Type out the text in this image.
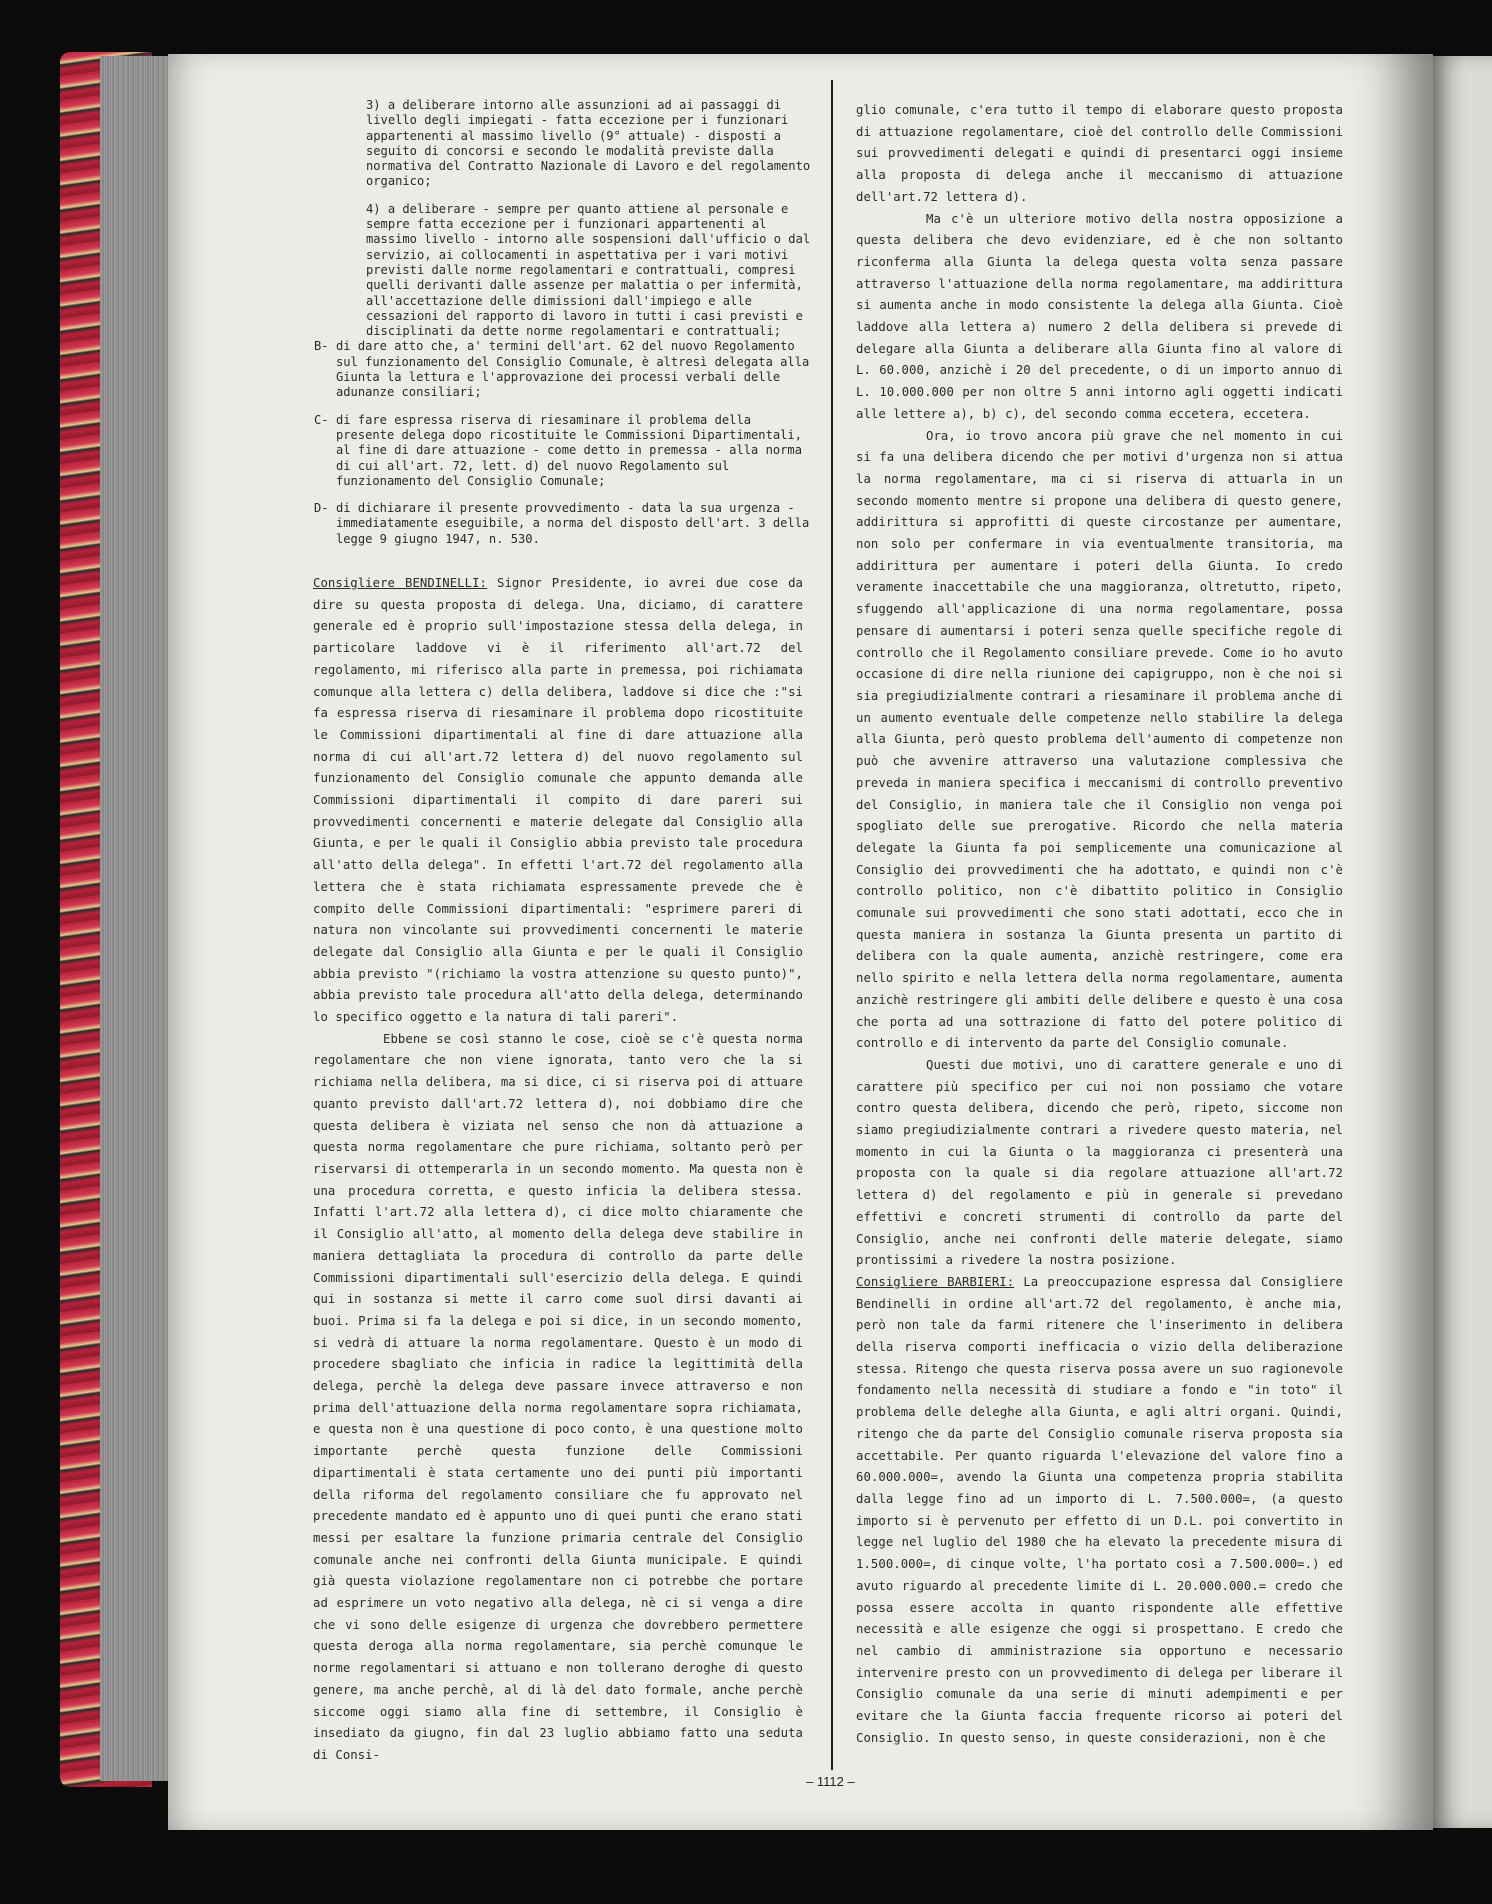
3) a deliberare intorno alle assunzioni ad ai passaggi di livello degli impiegati - fatta eccezione per i funzionari appartenenti al massimo livello (9° attuale) - disposti a seguito di concorsi e secondo le modalità previste dalla normativa del Contratto Nazionale di Lavoro e del regolamento organico;

4) a deliberare - sempre per quanto attiene al personale e sempre fatta eccezione per i funzionari appartenenti al massimo livello - intorno alle sospensioni dall'ufficio o dal servizio, ai collocamenti in aspettativa per i vari motivi previsti dalle norme regolamentari e contrattuali, compresi quelli derivanti dalle assenze per malattia o per infermità, all'accettazione delle dimissioni dall'impiego e alle cessazioni del rapporto di lavoro in tutti i casi previsti e disciplinati da dette norme regolamentari e contrattuali;

B- di dare atto che, a' termini dell'art. 62 del nuovo Regolamento sul funzionamento del Consiglio Comunale, è altresì delegata alla Giunta la lettura e l'approvazione dei processi verbali delle adunanze consiliari;

C- di fare espressa riserva di riesaminare il problema della presente delega dopo ricostituite le Commissioni Dipartimentali, al fine di dare attuazione - come detto in premessa - alla norma di cui all'art. 72, lett. d) del nuovo Regolamento sul funzionamento del Consiglio Comunale;

D- di dichiarare il presente provvedimento - data la sua urgenza - immediatamente eseguibile, a norma del disposto dell'art. 3 della legge 9 giugno 1947, n. 530.

Consigliere BENDINELLI: Signor Presidente, io avrei due cose da dire su questa proposta di delega. Una, diciamo, di carattere generale ed è proprio sull'impostazione stessa della delega, in particolare laddove vi è il riferimento all'art.72 del regolamento, mi riferisco alla parte in premessa, poi richiamata comunque alla lettera c) della delibera, laddove si dice che :"si fa espressa riserva di riesaminare il problema dopo ricostituite le Commissioni dipartimentali al fine di dare attuazione alla norma di cui all'art.72 lettera d) del nuovo regolamento sul funzionamento del Consiglio comunale che appunto demanda alle Commissioni dipartimentali il compito di dare pareri sui provvedimenti concernenti e materie delegate dal Consiglio alla Giunta, e per le quali il Consiglio abbia previsto tale procedura all'atto della delega". In effetti l'art.72 del regolamento alla lettera che è stata richiamata espressamente prevede che è compito delle Commissioni dipartimentali: "esprimere pareri di natura non vincolante sui provvedimenti concernenti le materie delegate dal Consiglio alla Giunta e per le quali il Consiglio abbia previsto "(richiamo la vostra attenzione su questo punto)", abbia previsto tale procedura all'atto della delega, determinando lo specifico oggetto e la natura di tali pareri".

Ebbene se così stanno le cose, cioè se c'è questa norma regolamentare che non viene ignorata, tanto vero che la si richiama nella delibera, ma si dice, ci si riserva poi di attuare quanto previsto dall'art.72 lettera d), noi dobbiamo dire che questa delibera è viziata nel senso che non dà attuazione a questa norma regolamentare che pure richiama, soltanto però per riservarsi di ottemperarla in un secondo momento. Ma questa non è una procedura corretta, e questo inficia la delibera stessa. Infatti l'art.72 alla lettera d), ci dice molto chiaramente che il Consiglio all'atto, al momento della delega deve stabilire in maniera dettagliata la procedura di controllo da parte delle Commissioni dipartimentali sull'esercizio della delega. E quindi qui in sostanza si mette il carro come suol dirsi davanti ai buoi. Prima si fa la delega e poi si dice, in un secondo momento, si vedrà di attuare la norma regolamentare. Questo è un modo di procedere sbagliato che inficia in radice la legittimità della delega, perchè la delega deve passare invece attraverso e non prima dell'attuazione della norma regolamentare sopra richiamata, e questa non è una questione di poco conto, è una questione molto importante perchè questa funzione delle Commissioni dipartimentali è stata certamente uno dei punti più importanti della riforma del regolamento consiliare che fu approvato nel precedente mandato ed è appunto uno di quei punti che erano stati messi per esaltare la funzione primaria centrale del Consiglio comunale anche nei confronti della Giunta municipale. E quindi già questa violazione regolamentare non ci potrebbe che portare ad esprimere un voto negativo alla delega, nè ci si venga a dire che vi sono delle esigenze di urgenza che dovrebbero permettere questa deroga alla norma regolamentare, sia perchè comunque le norme regolamentari si attuano e non tollerano deroghe di questo genere, ma anche perchè, al di là del dato formale, anche perchè siccome oggi siamo alla fine di settembre, il Consiglio è insediato da giugno, fin dal 23 luglio abbiamo fatto una seduta di Consi-

glio comunale, c'era tutto il tempo di elaborare questo proposta di attuazione regolamentare, cioè del controllo delle Commissioni sui provvedimenti delegati e quindi di presentarci oggi insieme alla proposta di delega anche il meccanismo di attuazione dell'art.72 lettera d).

Ma c'è un ulteriore motivo della nostra opposizione a questa delibera che devo evidenziare, ed è che non soltanto riconferma alla Giunta la delega questa volta senza passare attraverso l'attuazione della norma regolamentare, ma addirittura si aumenta anche in modo consistente la delega alla Giunta. Cioè laddove alla lettera a) numero 2 della delibera si prevede di delegare alla Giunta a deliberare alla Giunta fino al valore di L. 60.000, anzichè i 20 del precedente, o di un importo annuo di L. 10.000.000 per non oltre 5 anni intorno agli oggetti indicati alle lettere a), b) c), del secondo comma eccetera, eccetera.

Ora, io trovo ancora più grave che nel momento in cui si fa una delibera dicendo che per motivi d'urgenza non si attua la norma regolamentare, ma ci si riserva di attuarla in un secondo momento mentre si propone una delibera di questo genere, addirittura si approfitti di queste circostanze per aumentare, non solo per confermare in via eventualmente transitoria, ma addirittura per aumentare i poteri della Giunta. Io credo veramente inaccettabile che una maggioranza, oltretutto, ripeto, sfuggendo all'applicazione di una norma regolamentare, possa pensare di aumentarsi i poteri senza quelle specifiche regole di controllo che il Regolamento consiliare prevede. Come io ho avuto occasione di dire nella riunione dei capigruppo, non è che noi si sia pregiudizialmente contrari a riesaminare il problema anche di un aumento eventuale delle competenze nello stabilire la delega alla Giunta, però questo problema dell'aumento di competenze non può che avvenire attraverso una valutazione complessiva che preveda in maniera specifica i meccanismi di controllo preventivo del Consiglio, in maniera tale che il Consiglio non venga poi spogliato delle sue prerogative. Ricordo che nella materia delegate la Giunta fa poi semplicemente una comunicazione al Consiglio dei provvedimenti che ha adottato, e quindi non c'è controllo politico, non c'è dibattito politico in Consiglio comunale sui provvedimenti che sono stati adottati, ecco che in questa maniera in sostanza la Giunta presenta un partito di delibera con la quale aumenta, anzichè restringere, come era nello spirito e nella lettera della norma regolamentare, aumenta anzichè restringere gli ambiti delle delibere e questo è una cosa che porta ad una sottrazione di fatto del potere politico di controllo e di intervento da parte del Consiglio comunale.

Questi due motivi, uno di carattere generale e uno di carattere più specifico per cui noi non possiamo che votare contro questa delibera, dicendo che però, ripeto, siccome non siamo pregiudizialmente contrari a rivedere questo materia, nel momento in cui la Giunta o la maggioranza ci presenterà una proposta con la quale si dia regolare attuazione all'art.72 lettera d) del regolamento e più in generale si prevedano effettivi e concreti strumenti di controllo da parte del Consiglio, anche nei confronti delle materie delegate, siamo prontissimi a rivedere la nostra posizione.

Consigliere BARBIERI: La preoccupazione espressa dal Consigliere Bendinelli in ordine all'art.72 del regolamento, è anche mia, però non tale da farmi ritenere che l'inserimento in delibera della riserva comporti inefficacia o vizio della deliberazione stessa. Ritengo che questa riserva possa avere un suo ragionevole fondamento nella necessità di studiare a fondo e "in toto" il problema delle deleghe alla Giunta, e agli altri organi. Quindi, ritengo che da parte del Consiglio comunale riserva proposta sia accettabile. Per quanto riguarda l'elevazione del valore fino a 60.000.000=, avendo la Giunta una competenza propria stabilita dalla legge fino ad un importo di L. 7.500.000=, (a questo importo si è pervenuto per effetto di un D.L. poi convertito in legge nel luglio del 1980 che ha elevato la precedente misura di 1.500.000=, di cinque volte, l'ha portato così a 7.500.000=.) ed avuto riguardo al precedente limite di L. 20.000.000.= credo che possa essere accolta in quanto rispondente alle effettive necessità e alle esigenze che oggi si prospettano. E credo che nel cambio di amministrazione sia opportuno e necessario intervenire presto con un provvedimento di delega per liberare il Consiglio comunale da una serie di minuti adempimenti e per evitare che la Giunta faccia frequente ricorso ai poteri del Consiglio. In questo senso, in queste considerazioni, non è che

– 1112 –
